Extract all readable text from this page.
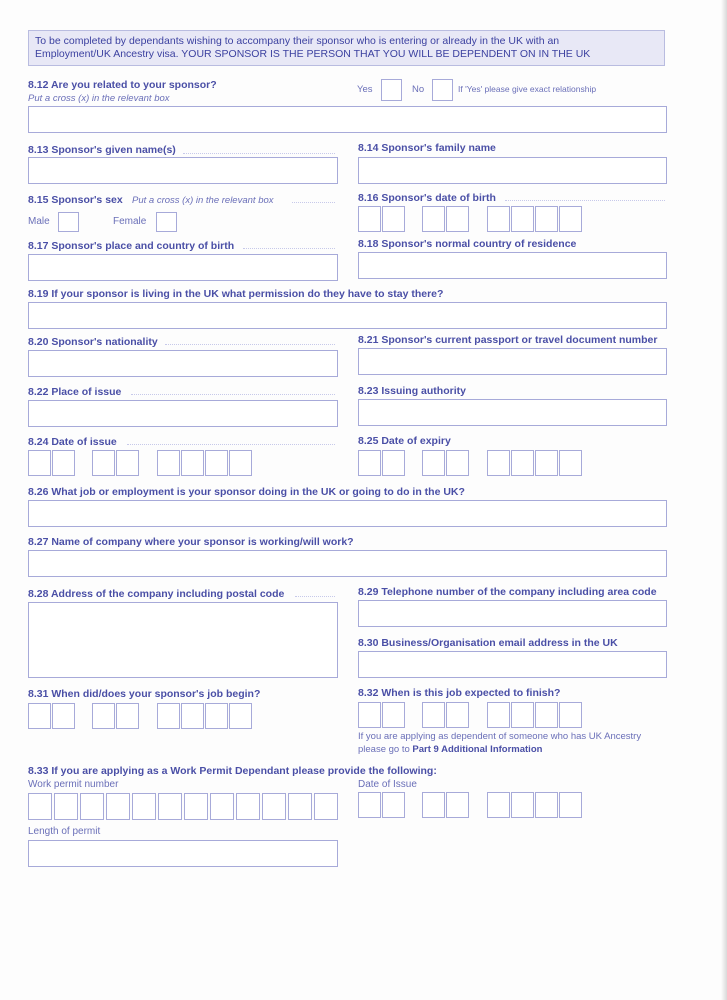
To be completed by dependants wishing to accompany their sponsor who is entering or already in the UK with an
Employment/UK Ancestry visa. YOUR SPONSOR IS THE PERSON THAT YOU WILL BE DEPENDENT ON IN THE UK
8.12 Are you related to your sponsor?
Put a cross (x) in the relevant box
Yes	No	If 'Yes' please give exact relationship
8.13 Sponsor's given name(s)	8.14 Sponsor's family name
8.15 Sponsor's sex Put a cross (x) in the relevant box
Male	Female
8.16 Sponsor's date of birth
8.17 Sponsor's place and country of birth	8.18 Sponsor's normal country of residence
8.19 If your sponsor is living in the UK what permission do they have to stay there?
8.20 Sponsor's nationality	8.21 Sponsor's current passport or travel document number
8.22 Place of issue	8.23 Issuing authority
8.24 Date of issue	8.25 Date of expiry
8.26 What job or employment is your sponsor doing in the UK or going to do in the UK?
8.27 Name of company where your sponsor is working/will work?
8.28 Address of the company including postal code	8.29 Telephone number of the company including area code
8.30 Business/Organisation email address in the UK
8.31 When did/does your sponsor's job begin?	8.32 When is this job expected to finish?
If you are applying as dependent of someone who has UK Ancestry
please go to Part 9 Additional Information
8.33 If you are applying as a Work Permit Dependant please provide the following:
Work permit number	Date of Issue
Length of permit
